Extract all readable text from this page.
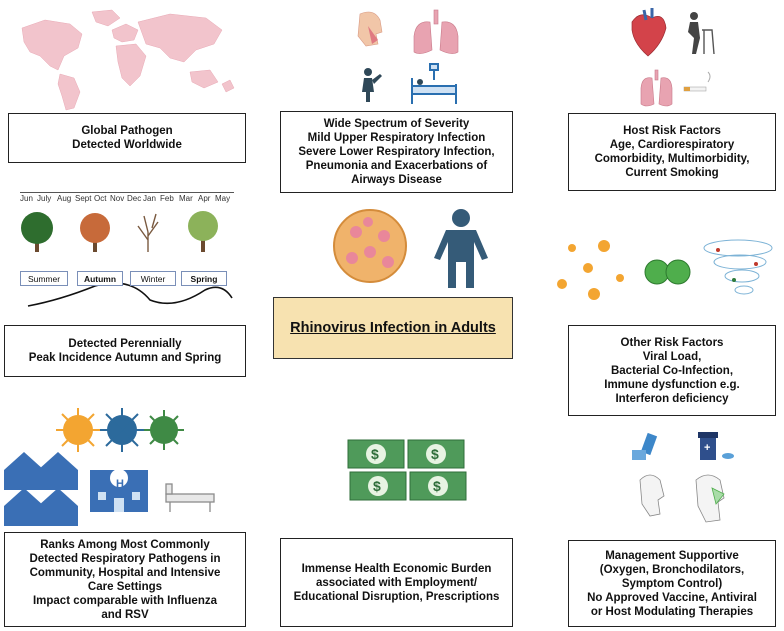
H
$	$
$	$
+
Jun July Aug Sept Oct Nov Dec Jan Feb Mar Apr May
Summer	Autumn	Winter	Spring
Global Pathogen
Detected Worldwide
Wide Spectrum of Severity
Mild Upper Respiratory Infection
Severe Lower Respiratory Infection,
Pneumonia and Exacerbations of
Airways Disease
Host Risk Factors
Age, Cardiorespiratory
Comorbidity, Multimorbidity,
Current Smoking
Rhinovirus Infection in Adults
Detected Perennially
Peak Incidence Autumn and Spring
Other Risk Factors
Viral Load,
Bacterial Co-Infection,
Immune dysfunction e.g.
Interferon deficiency
Ranks Among Most Commonly
Detected Respiratory Pathogens in
Community, Hospital and Intensive
Care Settings
Impact comparable with Influenza
and RSV
Immense Health Economic Burden
associated with Employment/
Educational Disruption, Prescriptions
Management Supportive
(Oxygen, Bronchodilators,
Symptom Control)
No Approved Vaccine, Antiviral
or Host Modulating Therapies
